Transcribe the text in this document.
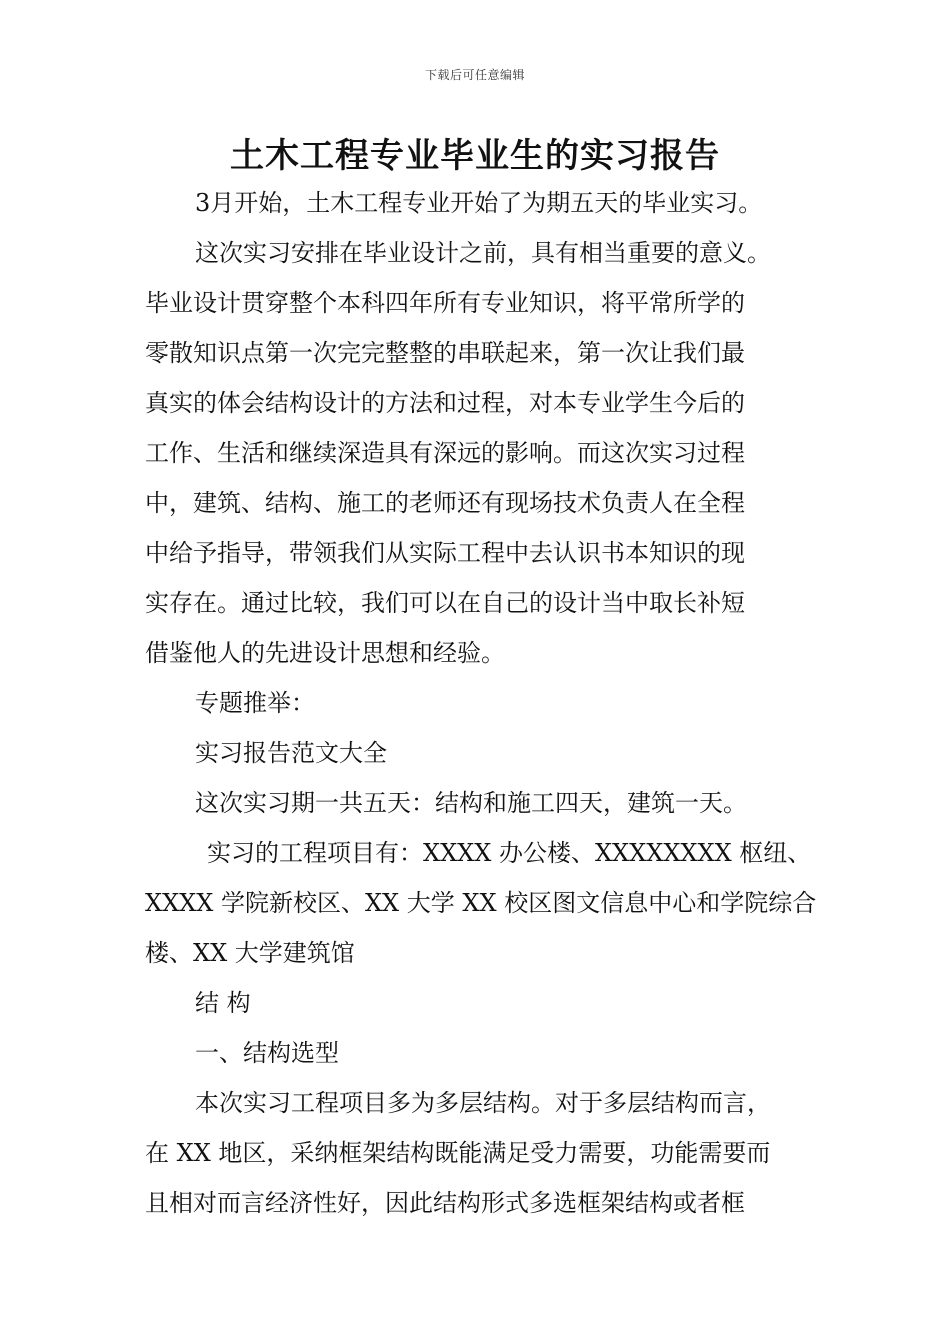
下载后可任意编辑
土木工程专业毕业生的实习报告
3月开始，土木工程专业开始了为期五天的毕业实习。
这次实习安排在毕业设计之前，具有相当重要的意义。
毕业设计贯穿整个本科四年所有专业知识，将平常所学的
零散知识点第一次完完整整的串联起来，第一次让我们最
真实的体会结构设计的方法和过程，对本专业学生今后的
工作、生活和继续深造具有深远的影响。而这次实习过程
中，建筑、结构、施工的老师还有现场技术负责人在全程
中给予指导，带领我们从实际工程中去认识书本知识的现
实存在。通过比较，我们可以在自己的设计当中取长补短
借鉴他人的先进设计思想和经验。
专题推举：
实习报告范文大全
这次实习期一共五天：结构和施工四天，建筑一天。
实习的工程项目有：XXXX 办公楼、XXXXXXXX 枢纽、
XXXX 学院新校区、XX 大学 XX 校区图文信息中心和学院综合
楼、XX 大学建筑馆
结 构
一、结构选型
本次实习工程项目多为多层结构。对于多层结构而言，
在 XX 地区，采纳框架结构既能满足受力需要，功能需要而
且相对而言经济性好，因此结构形式多选框架结构或者框
